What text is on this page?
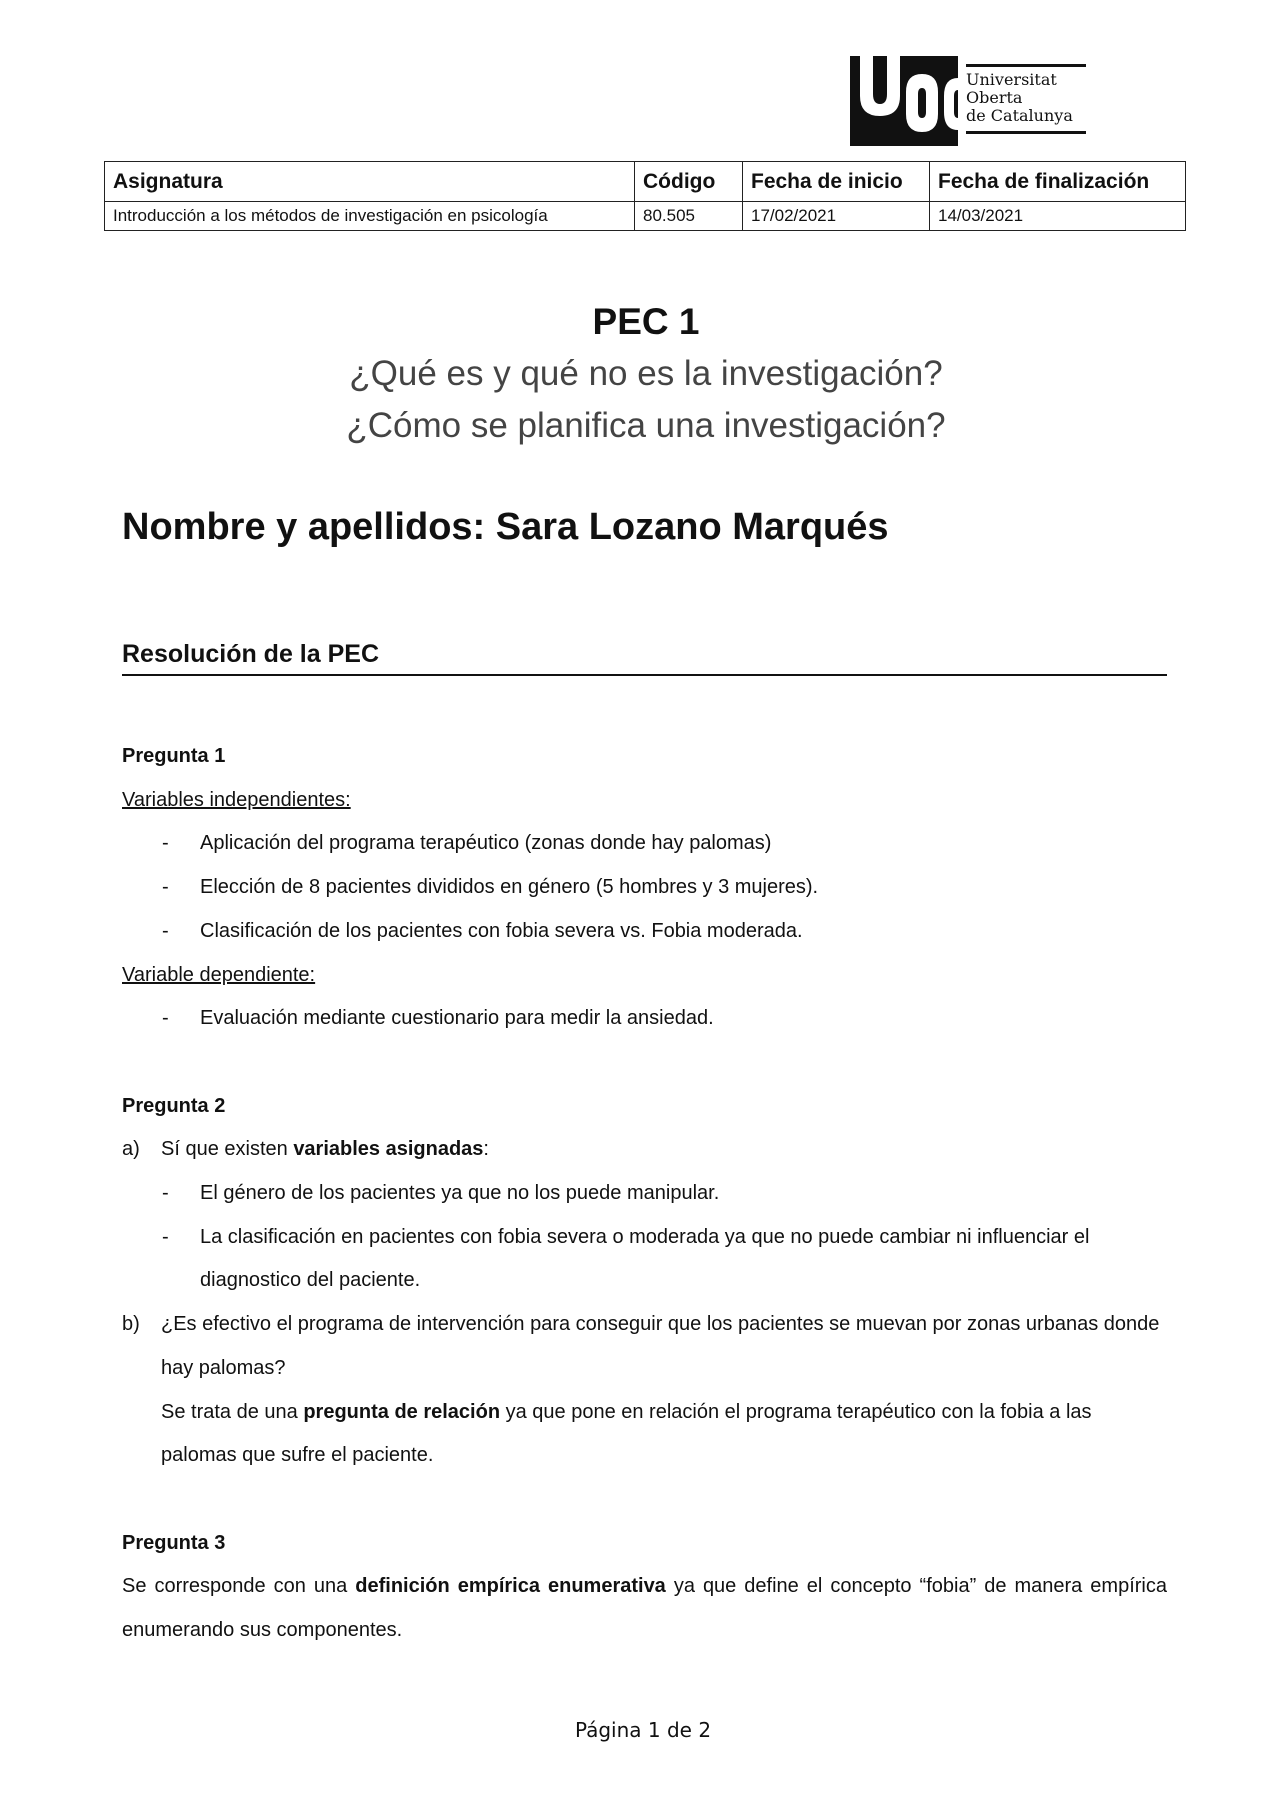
Universitat
Oberta
de Catalunya
Asignatura	Código	Fecha de inicio	Fecha de finalización
Introducción a los métodos de investigación en psicología	80.505	17/02/2021	14/03/2021

PEC 1

¿Qué es y qué no es la investigación?

¿Cómo se planifica una investigación?

Nombre y apellidos: Sara Lozano Marqués

Resolución de la PEC

Pregunta 1

Variables independientes:

- Aplicación del programa terapéutico (zonas donde hay palomas)

- Elección de 8 pacientes divididos en género (5 hombres y 3 mujeres).

- Clasificación de los pacientes con fobia severa vs. Fobia moderada.

Variable dependiente:

- Evaluación mediante cuestionario para medir la ansiedad.

Pregunta 2

a) Sí que existen variables asignadas:

- El género de los pacientes ya que no los puede manipular.

- La clasificación en pacientes con fobia severa o moderada ya que no puede cambiar ni influenciar el diagnostico del paciente.

b) ¿Es efectivo el programa de intervención para conseguir que los pacientes se muevan por zonas urbanas donde hay palomas?

Se trata de una pregunta de relación ya que pone en relación el programa terapéutico con la fobia a las palomas que sufre el paciente.

Pregunta 3

Se corresponde con una definición empírica enumerativa ya que define el concepto “fobia” de manera empírica enumerando sus componentes.

Página 1 de 2
